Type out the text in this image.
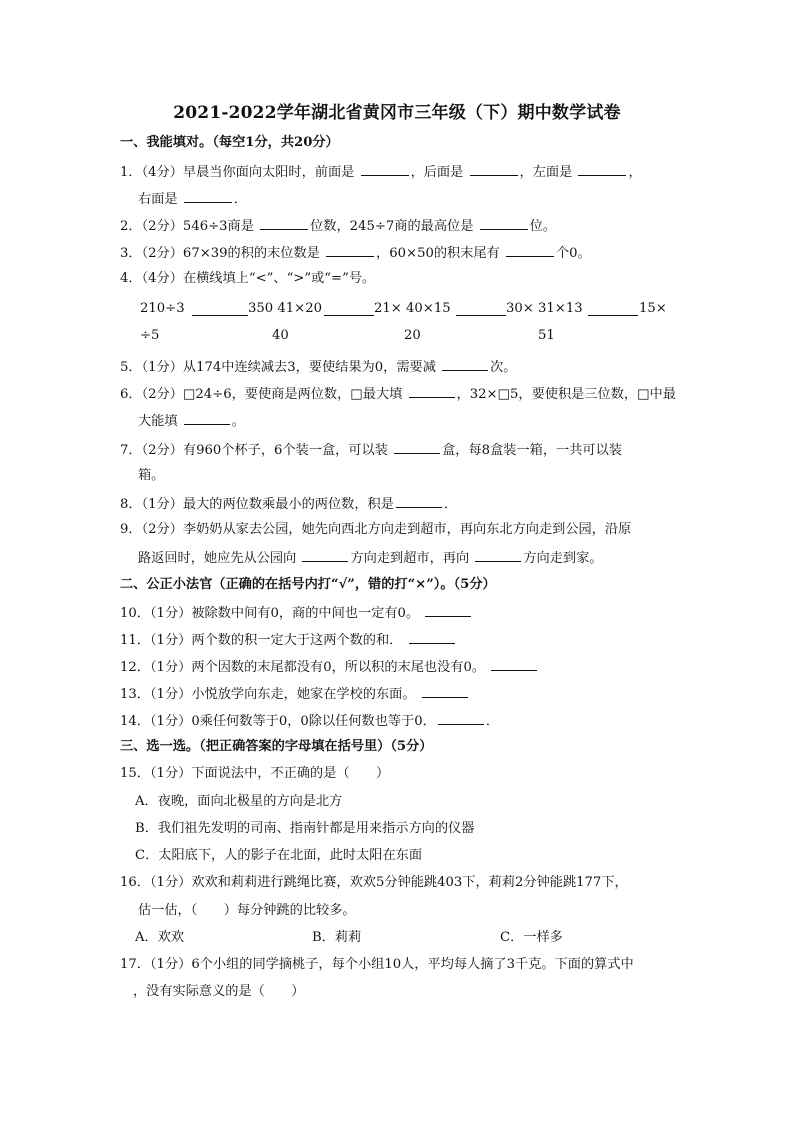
2021-2022学年湖北省黄冈市三年级（下）期中数学试卷
一、我能填对。（每空1分，共20分）
1．（4分）早晨当你面向太阳时，前面是	，后面是	，左面是	，
右面是	．
2．（2分）546÷3商是	位数，245÷7商的最高位是	位。
3．（2分）67×39的积的末位数是	，60×50的积末尾有	个0。
4．（4分）在横线填上“<”、“>”或“=”号。
210÷3	350 41×20	21× 40×15	30× 31×13	15×
÷5	40	20	51
5．（1分）从174中连续减去3，要使结果为0，需要减	次。
6．（2分）□24÷6，要使商是两位数，□最大填	，32×□5，要使积是三位数，□中最
大能填	。
7．（2分）有960个杯子，6个装一盒，可以装	盒，每8盒装一箱，一共可以装
箱。
8．（1分）最大的两位数乘最小的两位数，积是	．
9．（2分）李奶奶从家去公园，她先向西北方向走到超市，再向东北方向走到公园，沿原
路返回时，她应先从公园向	方向走到超市，再向	方向走到家。
二、公正小法官（正确的在括号内打“√”，错的打“×”）。（5分）
10．（1分）被除数中间有0，商的中间也一定有0。
11．（1分）两个数的积一定大于这两个数的和．
12．（1分）两个因数的末尾都没有0，所以积的末尾也没有0。
13．（1分）小悦放学向东走，她家在学校的东面。
14．（1分）0乘任何数等于0，0除以任何数也等于0．	．
三、选一选。（把正确答案的字母填在括号里）（5分）
15．（1分）下面说法中，不正确的是（　　）
A．夜晚，面向北极星的方向是北方
B．我们祖先发明的司南、指南针都是用来指示方向的仪器
C．太阳底下，人的影子在北面，此时太阳在东面
16．（1分）欢欢和莉莉进行跳绳比赛，欢欢5分钟能跳403下，莉莉2分钟能跳177下，
估一估，（　　）每分钟跳的比较多。
A．欢欢	B．莉莉	C．一样多
17．（1分）6个小组的同学摘桃子，每个小组10人，平均每人摘了3千克。下面的算式中
，没有实际意义的是（　　）
